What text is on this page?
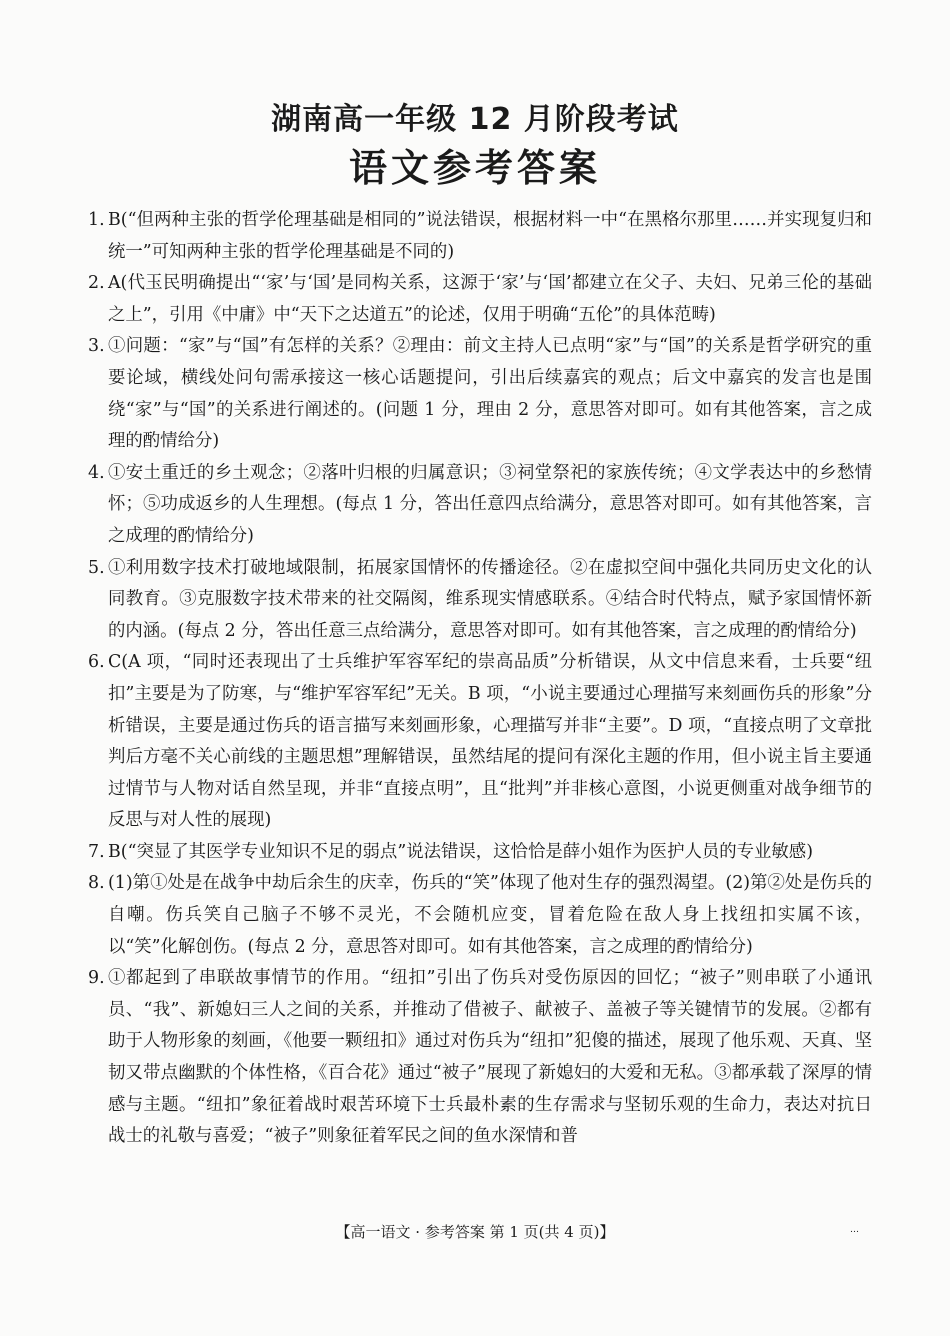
湖南高一年级 12 月阶段考试
语文参考答案

1. B(“但两种主张的哲学伦理基础是相同的”说法错误，根据材料一中“在黑格尔那里……并实现复归和统一”可知两种主张的哲学伦理基础是不同的)

2. A(代玉民明确提出“‘家’与‘国’是同构关系，这源于‘家’与‘国’都建立在父子、夫妇、兄弟三伦的基础之上”，引用《中庸》中“天下之达道五”的论述，仅用于明确“五伦”的具体范畴)

3. ①问题：“家”与“国”有怎样的关系？②理由：前文主持人已点明“家”与“国”的关系是哲学研究的重要论域，横线处问句需承接这一核心话题提问，引出后续嘉宾的观点；后文中嘉宾的发言也是围绕“家”与“国”的关系进行阐述的。(问题 1 分，理由 2 分，意思答对即可。如有其他答案，言之成理的酌情给分)

4. ①安土重迁的乡土观念；②落叶归根的归属意识；③祠堂祭祀的家族传统；④文学表达中的乡愁情怀；⑤功成返乡的人生理想。(每点 1 分，答出任意四点给满分，意思答对即可。如有其他答案，言之成理的酌情给分)

5. ①利用数字技术打破地域限制，拓展家国情怀的传播途径。②在虚拟空间中强化共同历史文化的认同教育。③克服数字技术带来的社交隔阂，维系现实情感联系。④结合时代特点，赋予家国情怀新的内涵。(每点 2 分，答出任意三点给满分，意思答对即可。如有其他答案，言之成理的酌情给分)

6. C(A 项，“同时还表现出了士兵维护军容军纪的崇高品质”分析错误，从文中信息来看，士兵要“纽扣”主要是为了防寒，与“维护军容军纪”无关。B 项，“小说主要通过心理描写来刻画伤兵的形象”分析错误，主要是通过伤兵的语言描写来刻画形象，心理描写并非“主要”。D 项，“直接点明了文章批判后方毫不关心前线的主题思想”理解错误，虽然结尾的提问有深化主题的作用，但小说主旨主要通过情节与人物对话自然呈现，并非“直接点明”，且“批判”并非核心意图，小说更侧重对战争细节的反思与对人性的展现)

7. B(“突显了其医学专业知识不足的弱点”说法错误，这恰恰是薛小姐作为医护人员的专业敏感)

8. (1)第①处是在战争中劫后余生的庆幸，伤兵的“笑”体现了他对生存的强烈渴望。(2)第②处是伤兵的自嘲。伤兵笑自己脑子不够不灵光，不会随机应变，冒着危险在敌人身上找纽扣实属不该，以“笑”化解创伤。(每点 2 分，意思答对即可。如有其他答案，言之成理的酌情给分)

9. ①都起到了串联故事情节的作用。“纽扣”引出了伤兵对受伤原因的回忆；“被子”则串联了小通讯员、“我”、新媳妇三人之间的关系，并推动了借被子、献被子、盖被子等关键情节的发展。②都有助于人物形象的刻画，《他要一颗纽扣》通过对伤兵为“纽扣”犯傻的描述，展现了他乐观、天真、坚韧又带点幽默的个体性格，《百合花》通过“被子”展现了新媳妇的大爱和无私。③都承载了深厚的情感与主题。“纽扣”象征着战时艰苦环境下士兵最朴素的生存需求与坚韧乐观的生命力，表达对抗日战士的礼敬与喜爱；“被子”则象征着军民之间的鱼水深情和普

【高一语文 · 参考答案 第 1 页(共 4 页)】	…
